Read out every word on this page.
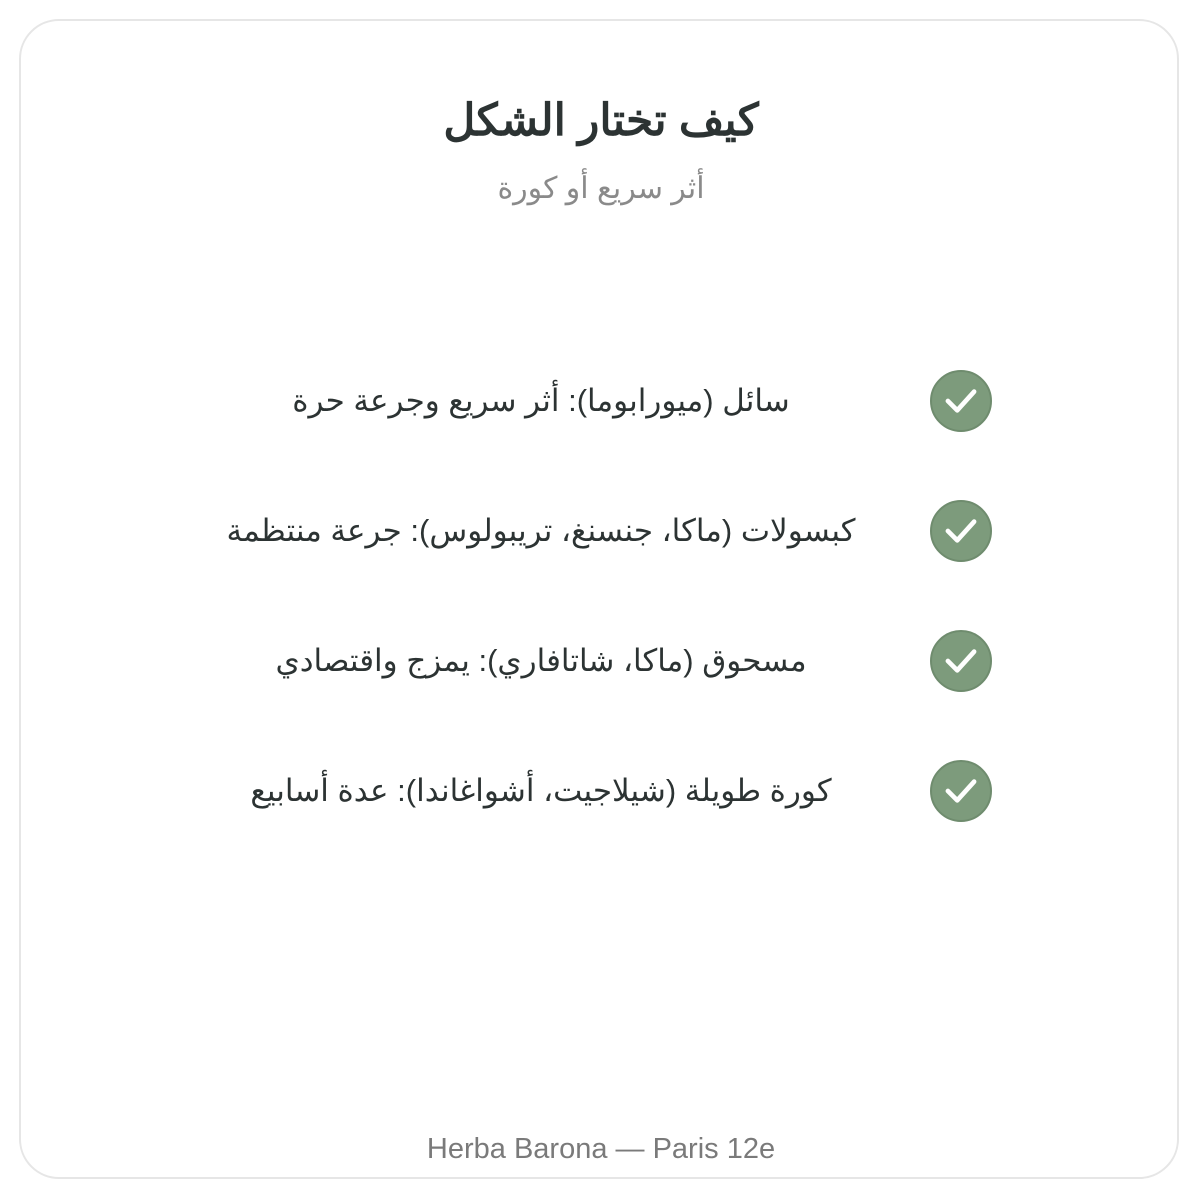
كيف تختار الشكل
أثر سريع أو كورة
سائل (ميورابوما): أثر سريع وجرعة حرة
كبسولات (ماكا، جنسنغ، تريبولوس): جرعة منتظمة
مسحوق (ماكا، شاتافاري): يمزج واقتصادي
كورة طويلة (شيلاجيت، أشواغاندا): عدة أسابيع
Herba Barona — Paris 12e
